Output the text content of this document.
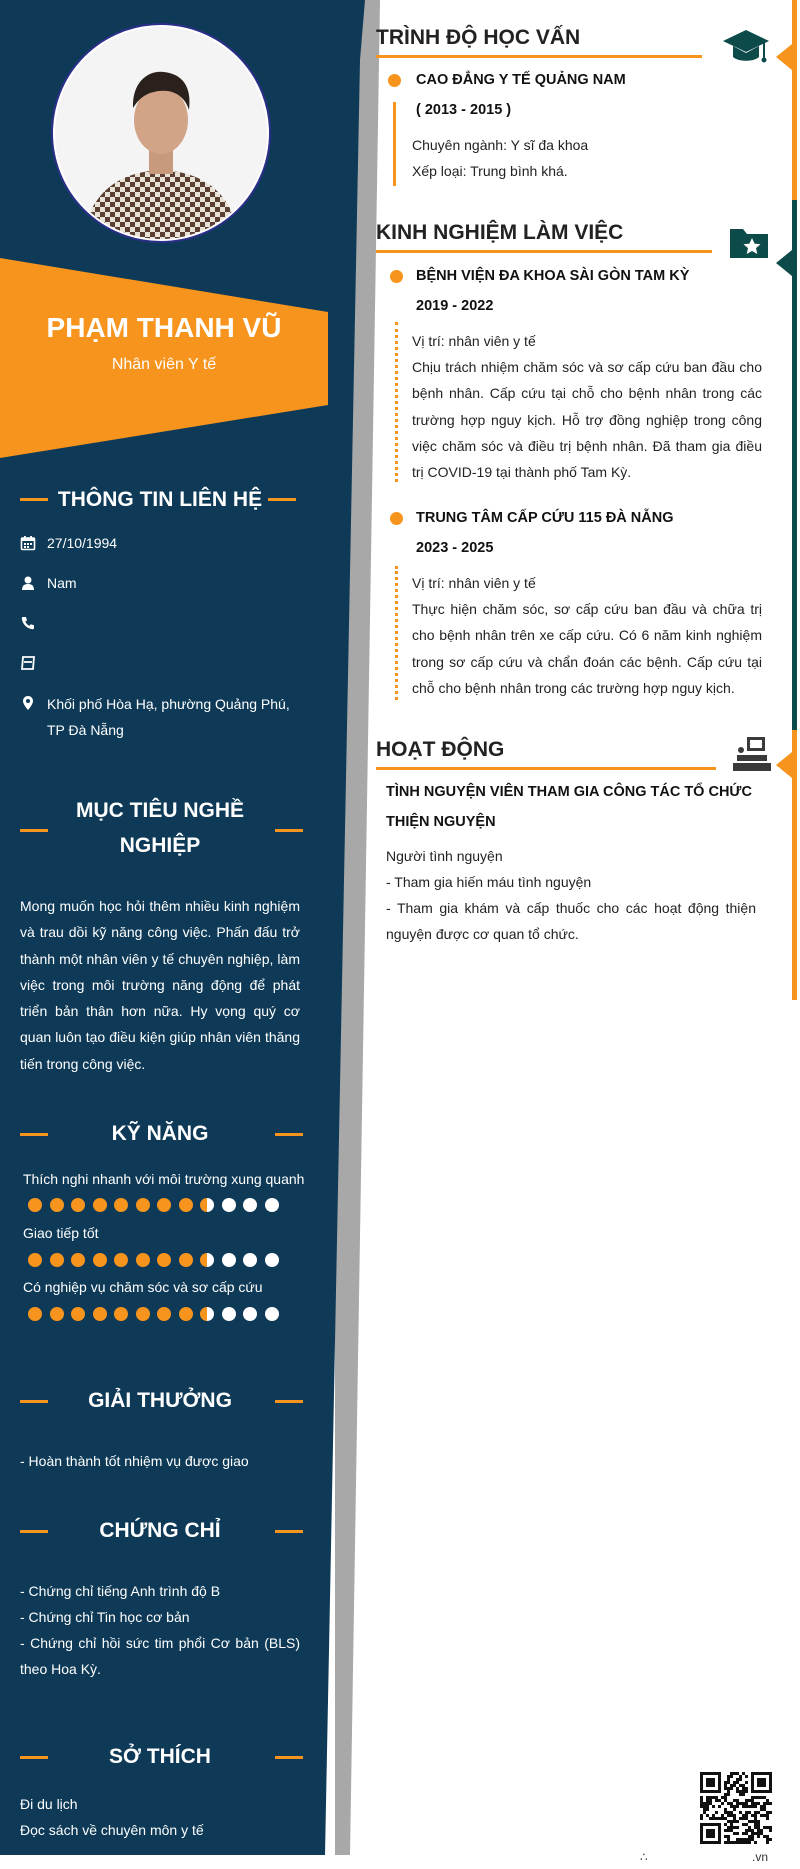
PHẠM THANH VŨ
Nhân viên Y tế
THÔNG TIN LIÊN HỆ
27/10/1994
Nam
Khối phố Hòa Hạ, phường Quảng Phú, TP Đà Nẵng
MỤC TIÊU NGHỀ
NGHIỆP
Mong muốn học hỏi thêm nhiều kinh nghiệm và trau dồi kỹ năng công việc. Phấn đấu trở thành một nhân viên y tế chuyên nghiệp, làm việc trong môi trường năng động để phát triển bản thân hơn nữa. Hy vọng quý cơ quan luôn tạo điều kiện giúp nhân viên thăng tiến trong công việc.
KỸ NĂNG
Thích nghi nhanh với môi trường xung quanh
Giao tiếp tốt
Có nghiệp vụ chăm sóc và sơ cấp cứu
GIẢI THƯỞNG
- Hoàn thành tốt nhiệm vụ được giao
CHỨNG CHỈ
- Chứng chỉ tiếng Anh trình độ B
- Chứng chỉ Tin học cơ bản
- Chứng chỉ hồi sức tim phổi Cơ bản (BLS) theo Hoa Kỳ.
SỞ THÍCH
Đi du lịch
Đọc sách về chuyên môn y tế
TRÌNH ĐỘ HỌC VẤN
CAO ĐẲNG Y TẾ QUẢNG NAM
( 2013 - 2015 )
Chuyên ngành: Y sĩ đa khoa
Xếp loại: Trung bình khá.
KINH NGHIỆM LÀM VIỆC
BỆNH VIỆN ĐA KHOA SÀI GÒN TAM KỲ
2019 - 2022
Vị trí: nhân viên y tế
Chịu trách nhiệm chăm sóc và sơ cấp cứu ban đầu cho bệnh nhân. Cấp cứu tại chỗ cho bệnh nhân trong các trường hợp nguy kịch. Hỗ trợ đồng nghiệp trong công việc chăm sóc và điều trị bệnh nhân. Đã tham gia điều trị COVID-19 tại thành phố Tam Kỳ.
TRUNG TÂM CẤP CỨU 115 ĐÀ NẴNG
2023 - 2025
Vị trí: nhân viên y tế
Thực hiện chăm sóc, sơ cấp cứu ban đầu và chữa trị cho bệnh nhân trên xe cấp cứu. Có 6 năm kinh nghiệm trong sơ cấp cứu và chẩn đoán các bệnh. Cấp cứu tại chỗ cho bệnh nhân trong các trường hợp nguy kịch.
HOẠT ĐỘNG
TÌNH NGUYỆN VIÊN THAM GIA CÔNG TÁC TỔ CHỨC THIỆN NGUYỆN
Người tình nguyện
- Tham gia hiến máu tình nguyện
- Tham gia khám và cấp thuốc cho các hoạt động thiện nguyện được cơ quan tổ chức.
∴	.vn
